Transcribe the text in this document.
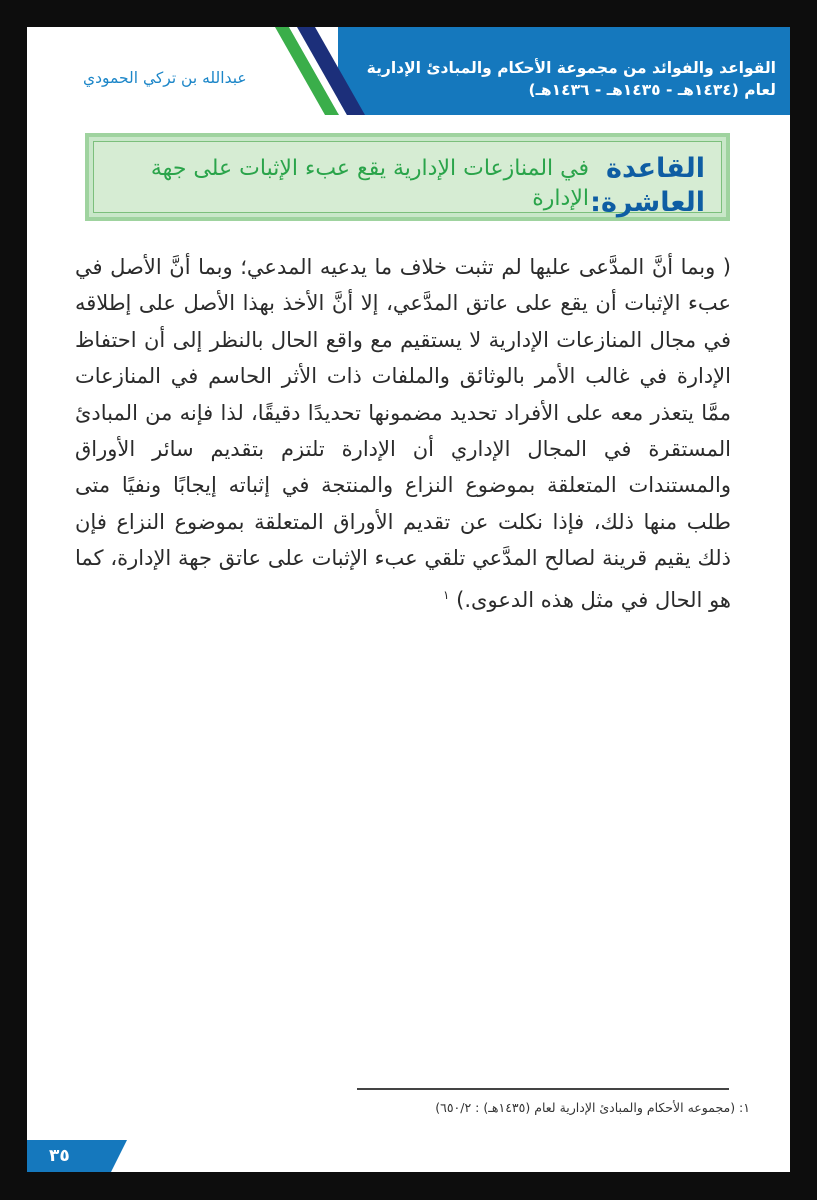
القواعد والفوائد من مجموعة الأحكام والمبادئ الإدارية
لعام (١٤٣٤هـ - ١٤٣٥هـ - ١٤٣٦هـ)
عبدالله بن تركي الحمودي
القاعدة العاشرة:
في المنازعات الإدارية يقع عبء الإثبات على جهة الإدارة
( وبما أنَّ المدَّعى عليها لم تثبت خلاف ما يدعيه المدعي؛ وبما أنَّ الأصل في عبء الإثبات أن يقع على عاتق المدَّعي، إلا أنَّ الأخذ بهذا الأصل على إطلاقه في مجال المنازعات الإدارية لا يستقيم مع واقع الحال بالنظر إلى أن احتفاظ الإدارة في غالب الأمر بالوثائق والملفات ذات الأثر الحاسم في المنازعات ممَّا يتعذر معه على الأفراد تحديد مضمونها تحديدًا دقيقًا، لذا فإنه من المبادئ المستقرة في المجال الإداري أن الإدارة تلتزم بتقديم سائر الأوراق والمستندات المتعلقة بموضوع النزاع والمنتجة في إثباته إيجابًا ونفيًا متى طلب منها ذلك، فإذا نكلت عن تقديم الأوراق المتعلقة بموضوع النزاع فإن ذلك يقيم قرينة لصالح المدَّعي تلقي عبء الإثبات على عاتق جهة الإدارة، كما هو الحال في مثل هذه الدعوى.) $^١$
١: (مجموعه الأحكام والمبادئ الإدارية لعام (١٤٣٥هـ) : ٦٥٠/٢)
٣٥
